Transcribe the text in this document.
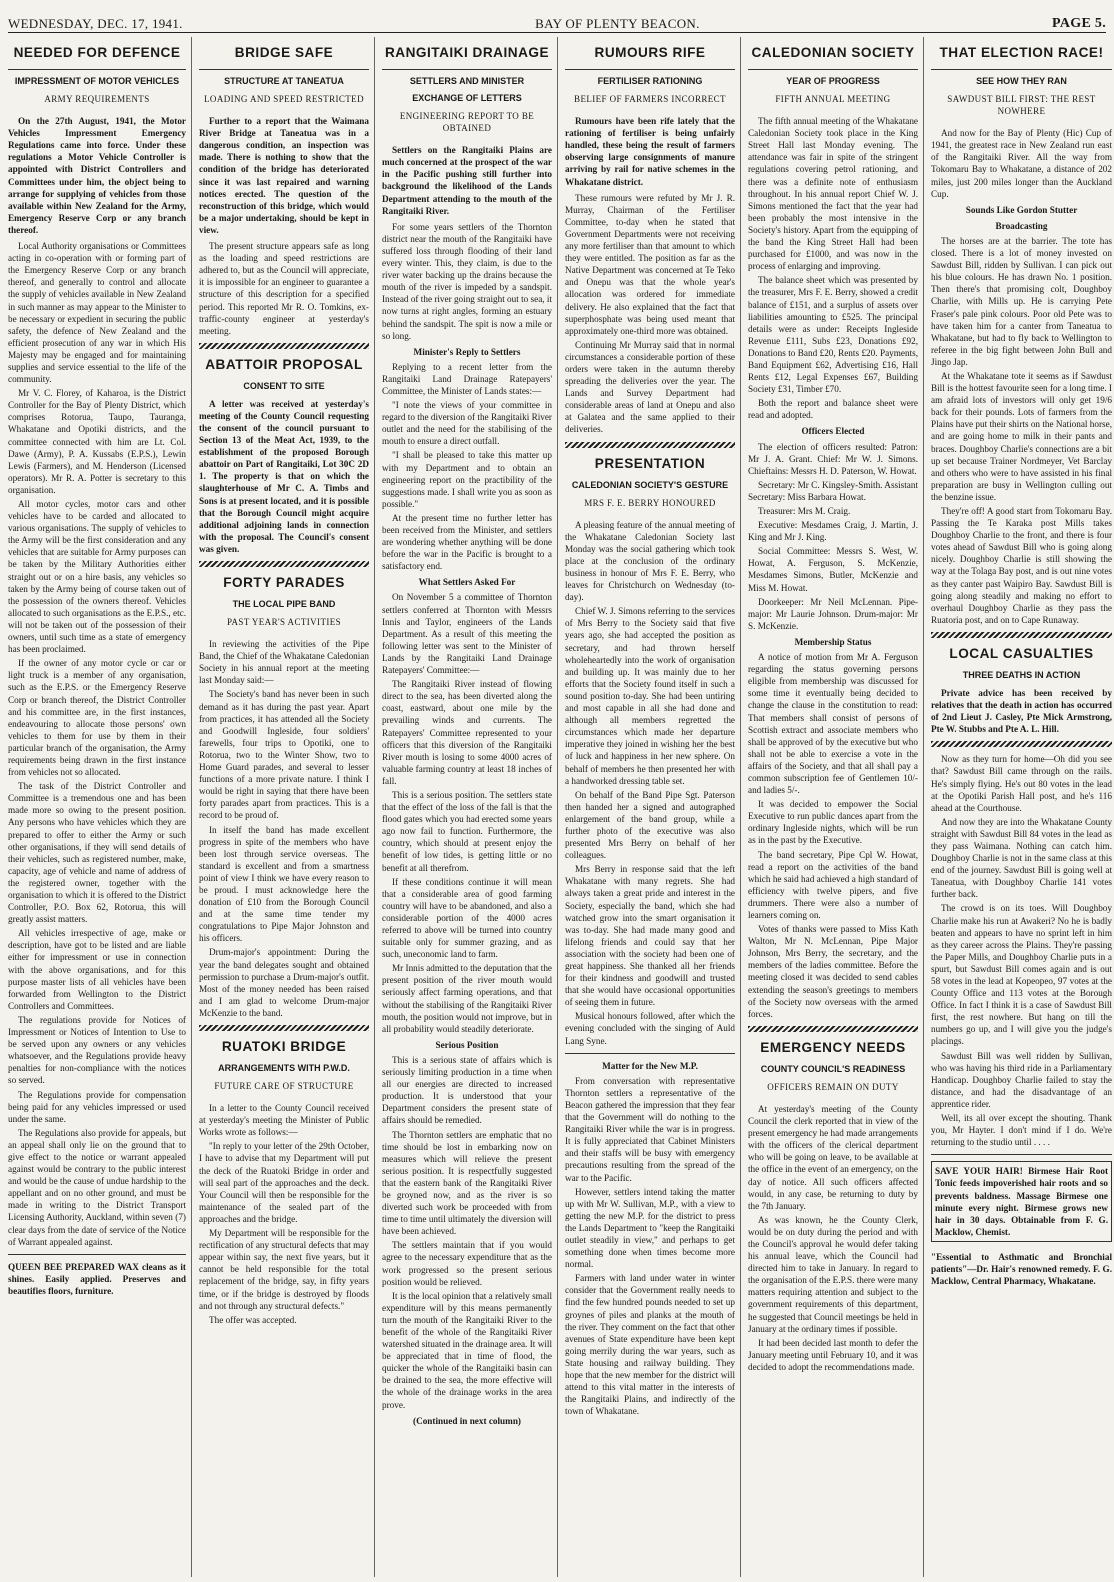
WEDNESDAY, DEC. 17, 1941.	BAY OF PLENTY BEACON.	PAGE 5.
NEEDED FOR DEFENCE
IMPRESSMENT OF MOTOR VEHICLES
ARMY REQUIREMENTS

On the 27th August, 1941, the Motor Vehicles Impressment Emergency Regulations came into force. Under these regulations a Motor Vehicle Controller is appointed with District Controllers and Committees under him, the object being to arrange for supplying of vehicles from those available within New Zealand for the Army, Emergency Reserve Corp or any branch thereof.

Local Authority organisations or Committees acting in co-operation with or forming part of the Emergency Reserve Corp or any branch thereof, and generally to control and allocate the supply of vehicles available in New Zealand in such manner as may appear to the Minister to be necessary or expedient in securing the public safety, the defence of New Zealand and the efficient prosecution of any war in which His Majesty may be engaged and for maintaining supplies and service essential to the life of the community.

Mr V. C. Florey, of Kaharoa, is the District Controller for the Bay of Plenty District, which comprises Rotorua, Taupo, Tauranga, Whakatane and Opotiki districts, and the committee connected with him are Lt. Col. Dawe (Army), P. A. Kussabs (E.P.S.), Lewin Lewis (Farmers), and M. Henderson (Licensed operators). Mr R. A. Potter is secretary to this organisation.

All motor cycles, motor cars and other vehicles have to be carded and allocated to various organisations. The supply of vehicles to the Army will be the first consideration and any vehicles that are suitable for Army purposes can be taken by the Military Authorities either straight out or on a hire basis, any vehicles so taken by the Army being of course taken out of the possession of the owners thereof. Vehicles allocated to such organisations as the E.P.S., etc. will not be taken out of the possession of their owners, until such time as a state of emergency has been proclaimed.

If the owner of any motor cycle or car or light truck is a member of any organisation, such as the E.P.S. or the Emergency Reserve Corp or branch thereof, the District Controller and his committee are, in the first instances, endeavouring to allocate those persons' own vehicles to them for use by them in their particular branch of the organisation, the Army requirements being drawn in the first instance from vehicles not so allocated.

The task of the District Controller and Committee is a tremendous one and has been made more so owing to the present position. Any persons who have vehicles which they are prepared to offer to either the Army or such other organisations, if they will send details of their vehicles, such as registered number, make, capacity, age of vehicle and name of address of the registered owner, together with the organisation to which it is offered to the District Controller, P.O. Box 62, Rotorua, this will greatly assist matters.

All vehicles irrespective of age, make or description, have got to be listed and are liable either for impressment or use in connection with the above organisations, and for this purpose master lists of all vehicles have been forwarded from Wellington to the District Controllers and Committees.

The regulations provide for Notices of Impressment or Notices of Intention to Use to be served upon any owners or any vehicles whatsoever, and the Regulations provide heavy penalties for non-compliance with the notices so served.

The Regulations provide for compensation being paid for any vehicles impressed or used under the same.

The Regulations also provide for appeals, but an appeal shall only lie on the ground that to give effect to the notice or warrant appealed against would be contrary to the public interest and would be the cause of undue hardship to the appellant and on no other ground, and must be made in writing to the District Transport Licensing Authority, Auckland, within seven (7) clear days from the date of service of the Notice of Warrant appealed against.

QUEEN BEE PREPARED WAX cleans as it shines. Easily applied. Preserves and beautifies floors, furniture.

BRIDGE SAFE
STRUCTURE AT TANEATUA
LOADING AND SPEED RESTRICTED

Further to a report that the Waimana River Bridge at Taneatua was in a dangerous condition, an inspection was made. There is nothing to show that the condition of the bridge has deteriorated since it was last repaired and warning notices erected. The question of the reconstruction of this bridge, which would be a major undertaking, should be kept in view.

The present structure appears safe as long as the loading and speed restrictions are adhered to, but as the Council will appreciate, it is impossible for an engineer to guarantee a structure of this description for a specified period. This reported Mr R. O. Tomkins, ex-traffic-county engineer at yesterday's meeting.

ABATTOIR PROPOSAL
CONSENT TO SITE

A letter was received at yesterday's meeting of the County Council requesting the consent of the council pursuant to Section 13 of the Meat Act, 1939, to the establishment of the proposed Borough abattoir on Part of Rangitaiki, Lot 30C 2D 1. The property is that on which the slaughterhouse of Mr C. A. Timbs and Sons is at present located, and it is possible that the Borough Council might acquire additional adjoining lands in connection with the proposal. The Council's consent was given.

FORTY PARADES
THE LOCAL PIPE BAND
PAST YEAR'S ACTIVITIES

In reviewing the activities of the Pipe Band, the Chief of the Whakatane Caledonian Society in his annual report at the meeting last Monday said:—

The Society's band has never been in such demand as it has during the past year. Apart from practices, it has attended all the Society and Goodwill Ingleside, four soldiers' farewells, four trips to Opotiki, one to Rotorua, two to the Winter Show, two to Home Guard parades, and several to lesser functions of a more private nature. I think I would be right in saying that there have been forty parades apart from practices. This is a record to be proud of.

In itself the band has made excellent progress in spite of the members who have been lost through service overseas. The standard is excellent and from a smartness point of view I think we have every reason to be proud. I must acknowledge here the donation of £10 from the Borough Council and at the same time tender my congratulations to Pipe Major Johnston and his officers.

Drum-major's appointment: During the year the band delegates sought and obtained permission to purchase a Drum-major's outfit. Most of the money needed has been raised and I am glad to welcome Drum-major McKenzie to the band.

RUATOKI BRIDGE
ARRANGEMENTS WITH P.W.D.
FUTURE CARE OF STRUCTURE

In a letter to the County Council received at yesterday's meeting the Minister of Public Works wrote as follows:—

"In reply to your letter of the 29th October, I have to advise that my Department will put the deck of the Ruatoki Bridge in order and will seal part of the approaches and the deck. Your Council will then be responsible for the maintenance of the sealed part of the approaches and the bridge.

My Department will be responsible for the rectification of any structural defects that may appear within say, the next five years, but it cannot be held responsible for the total replacement of the bridge, say, in fifty years time, or if the bridge is destroyed by floods and not through any structural defects."

The offer was accepted.

RANGITAIKI DRAINAGE
SETTLERS AND MINISTER
EXCHANGE OF LETTERS
ENGINEERING REPORT TO BE OBTAINED

Settlers on the Rangitaiki Plains are much concerned at the prospect of the war in the Pacific pushing still further into background the likelihood of the Lands Department attending to the mouth of the Rangitaiki River.

For some years settlers of the Thornton district near the mouth of the Rangitaiki have suffered loss through flooding of their land every winter. This, they claim, is due to the river water backing up the drains because the mouth of the river is impeded by a sandspit. Instead of the river going straight out to sea, it now turns at right angles, forming an estuary behind the sandspit. The spit is now a mile or so long.

Minister's Reply to Settlers

Replying to a recent letter from the Rangitaiki Land Drainage Ratepayers' Committee, the Minister of Lands states:—

"I note the views of your committee in regard to the diversion of the Rangitaiki River outlet and the need for the stabilising of the mouth to ensure a direct outfall.

"I shall be pleased to take this matter up with my Department and to obtain an engineering report on the practibility of the suggestions made. I shall write you as soon as possible."

At the present time no further letter has been received from the Minister, and settlers are wondering whether anything will be done before the war in the Pacific is brought to a satisfactory end.

What Settlers Asked For

On November 5 a committee of Thornton settlers conferred at Thornton with Messrs Innis and Taylor, engineers of the Lands Department. As a result of this meeting the following letter was sent to the Minister of Lands by the Rangitaiki Land Drainage Ratepayers' Committee:—

The Rangitaiki River instead of flowing direct to the sea, has been diverted along the coast, eastward, about one mile by the prevailing winds and currents. The Ratepayers' Committee represented to your officers that this diversion of the Rangitaiki River mouth is losing to some 4000 acres of valuable farming country at least 18 inches of fall.

This is a serious position. The settlers state that the effect of the loss of the fall is that the flood gates which you had erected some years ago now fail to function. Furthermore, the country, which should at present enjoy the benefit of low tides, is getting little or no benefit at all therefrom.

If these conditions continue it will mean that a considerable area of good farming country will have to be abandoned, and also a considerable portion of the 4000 acres referred to above will be turned into country suitable only for summer grazing, and as such, uneconomic land to farm.

Mr Innis admitted to the deputation that the present position of the river mouth would seriously affect farming operations, and that without the stabilising of the Rangitaiki River mouth, the position would not improve, but in all probability would steadily deteriorate.

Serious Position

This is a serious state of affairs which is seriously limiting production in a time when all our energies are directed to increased production. It is understood that your Department considers the present state of affairs should be remedied.

The Thornton settlers are emphatic that no time should be lost in embarking now on measures which will relieve the present serious position. It is respectfully suggested that the eastern bank of the Rangitaiki River be groyned now, and as the river is so diverted such work be proceeded with from time to time until ultimately the diversion will have been achieved.

The settlers maintain that if you would agree to the necessary expenditure that as the work progressed so the present serious position would be relieved.

It is the local opinion that a relatively small expenditure will by this means permanently turn the mouth of the Rangitaiki River to the benefit of the whole of the Rangitaiki River watershed situated in the drainage area. It will be appreciated that in time of flood, the quicker the whole of the Rangitaiki basin can be drained to the sea, the more effective will the whole of the drainage works in the area prove.

(Continued in next column)
RUMOURS RIFE
FERTILISER RATIONING
BELIEF OF FARMERS INCORRECT

Rumours have been rife lately that the rationing of fertiliser is being unfairly handled, these being the result of farmers observing large consignments of manure arriving by rail for native schemes in the Whakatane district.

These rumours were refuted by Mr J. R. Murray, Chairman of the Fertiliser Committee, to-day when he stated that Government Departments were not receiving any more fertiliser than that amount to which they were entitled. The position as far as the Native Department was concerned at Te Teko and Onepu was that the whole year's allocation was ordered for immediate delivery. He also explained that the fact that superphosphate was being used meant that approximately one-third more was obtained.

Continuing Mr Murray said that in normal circumstances a considerable portion of these orders were taken in the autumn thereby spreading the deliveries over the year. The Lands and Survey Department had considerable areas of land at Onepu and also at Galatea and the same applied to their deliveries.

PRESENTATION
CALEDONIAN SOCIETY'S GESTURE
MRS F. E. BERRY HONOURED

A pleasing feature of the annual meeting of the Whakatane Caledonian Society last Monday was the social gathering which took place at the conclusion of the ordinary business in honour of Mrs F. E. Berry, who leaves for Christchurch on Wednesday (to-day).

Chief W. J. Simons referring to the services of Mrs Berry to the Society said that five years ago, she had accepted the position as secretary, and had thrown herself wholeheartedly into the work of organisation and building up. It was mainly due to her efforts that the Society found itself in such a sound position to-day. She had been untiring and most capable in all she had done and although all members regretted the circumstances which made her departure imperative they joined in wishing her the best of luck and happiness in her new sphere. On behalf of members he then presented her with a handworked dressing table set.

On behalf of the Band Pipe Sgt. Paterson then handed her a signed and autographed enlargement of the band group, while a further photo of the executive was also presented Mrs Berry on behalf of her colleagues.

Mrs Berry in response said that the left Whakatane with many regrets. She had always taken a great pride and interest in the Society, especially the band, which she had watched grow into the smart organisation it was to-day. She had made many good and lifelong friends and could say that her association with the society had been one of great happiness. She thanked all her friends for their kindness and goodwill and trusted that she would have occasional opportunities of seeing them in future.

Musical honours followed, after which the evening concluded with the singing of Auld Lang Syne.

Matter for the New M.P.

From conversation with representative Thornton settlers a representative of the Beacon gathered the impression that they fear that the Government will do nothing to the Rangitaiki River while the war is in progress. It is fully appreciated that Cabinet Ministers and their staffs will be busy with emergency precautions resulting from the spread of the war to the Pacific.

However, settlers intend taking the matter up with Mr W. Sullivan, M.P., with a view to getting the new M.P. for the district to press the Lands Department to "keep the Rangitaiki outlet steadily in view," and perhaps to get something done when times become more normal.

Farmers with land under water in winter consider that the Government really needs to find the few hundred pounds needed to set up groynes of piles and planks at the mouth of the river. They comment on the fact that other avenues of State expenditure have been kept going merrily during the war years, such as State housing and railway building. They hope that the new member for the district will attend to this vital matter in the interests of the Rangitaiki Plains, and indirectly of the town of Whakatane.

CALEDONIAN SOCIETY
YEAR OF PROGRESS
FIFTH ANNUAL MEETING

The fifth annual meeting of the Whakatane Caledonian Society took place in the King Street Hall last Monday evening. The attendance was fair in spite of the stringent regulations covering petrol rationing, and there was a definite note of enthusiasm throughout. In his annual report Chief W. J. Simons mentioned the fact that the year had been probably the most intensive in the Society's history. Apart from the equipping of the band the King Street Hall had been purchased for £1000, and was now in the process of enlarging and improving.

The balance sheet which was presented by the treasurer, Mrs F. E. Berry, showed a credit balance of £151, and a surplus of assets over liabilities amounting to £525. The principal details were as under: Receipts Ingleside Revenue £111, Subs £23, Donations £92, Donations to Band £20, Rents £20. Payments, Band Equipment £62, Advertising £16, Hall Rents £12, Legal Expenses £67, Building Society £31, Timber £70.

Both the report and balance sheet were read and adopted.

Officers Elected

The election of officers resulted: Patron: Mr J. A. Grant. Chief: Mr W. J. Simons. Chieftains: Messrs H. D. Paterson, W. Howat.

Secretary: Mr C. Kingsley-Smith. Assistant Secretary: Miss Barbara Howat.

Treasurer: Mrs M. Craig.

Executive: Mesdames Craig, J. Martin, J. King and Mr J. King.

Social Committee: Messrs S. West, W. Howat, A. Ferguson, S. McKenzie, Mesdames Simons, Butler, McKenzie and Miss M. Howat.

Doorkeeper: Mr Neil McLennan. Pipe-major: Mr Laurie Johnson. Drum-major: Mr S. McKenzie.

Membership Status

A notice of motion from Mr A. Ferguson regarding the status governing persons eligible from membership was discussed for some time it eventually being decided to change the clause in the constitution to read: That members shall consist of persons of Scottish extract and associate members who shall be approved of by the executive but who shall not be able to exercise a vote in the affairs of the Society, and that all shall pay a common subscription fee of Gentlemen 10/- and ladies 5/-.

It was decided to empower the Social Executive to run public dances apart from the ordinary Ingleside nights, which will be run as in the past by the Executive.

The band secretary, Pipe Cpl W. Howat, read a report on the activities of the band which he said had achieved a high standard of efficiency with twelve pipers, and five drummers. There were also a number of learners coming on.

Votes of thanks were passed to Miss Kath Walton, Mr N. McLennan, Pipe Major Johnson, Mrs Berry, the secretary, and the members of the ladies committee. Before the meeting closed it was decided to send cables extending the season's greetings to members of the Society now overseas with the armed forces.

EMERGENCY NEEDS
COUNTY COUNCIL'S READINESS
OFFICERS REMAIN ON DUTY

At yesterday's meeting of the County Council the clerk reported that in view of the present emergency he had made arrangements with the officers of the clerical department who will be going on leave, to be available at the office in the event of an emergency, on the day of notice. All such officers affected would, in any case, be returning to duty by the 7th January.

As was known, he the County Clerk, would be on duty during the period and with the Council's approval he would defer taking his annual leave, which the Council had directed him to take in January. In regard to the organisation of the E.P.S. there were many matters requiring attention and subject to the government requirements of this department, he suggested that Council meetings be held in January at the ordinary times if possible.

It had been decided last month to defer the January meeting until February 10, and it was decided to adopt the recommendations made.

THAT ELECTION RACE!
SEE HOW THEY RAN
SAWDUST BILL FIRST: THE REST NOWHERE

And now for the Bay of Plenty (Hic) Cup of 1941, the greatest race in New Zealand run east of the Rangitaiki River. All the way from Tokomaru Bay to Whakatane, a distance of 202 miles, just 200 miles longer than the Auckland Cup.

Sounds Like Gordon Stutter
Broadcasting

The horses are at the barrier. The tote has closed. There is a lot of money invested on Sawdust Bill, ridden by Sullivan. I can pick out his blue colours. He has drawn No. 1 position. Then there's that promising colt, Doughboy Charlie, with Mills up. He is carrying Pete Fraser's pale pink colours. Poor old Pete was to have taken him for a canter from Taneatua to Whakatane, but had to fly back to Wellington to referee in the big fight between John Bull and Jingo Jap.

At the Whakatane tote it seems as if Sawdust Bill is the hottest favourite seen for a long time. I am afraid lots of investors will only get 19/6 back for their pounds. Lots of farmers from the Plains have put their shirts on the National horse, and are going home to milk in their pants and braces. Doughboy Charlie's connections are a bit up set because Trainer Nordmeyer, Vet Barclay and others who were to have assisted in his final preparation are busy in Wellington culling out the benzine issue.

They're off! A good start from Tokomaru Bay. Passing the Te Karaka post Mills takes Doughboy Charlie to the front, and there is four votes ahead of Sawdust Bill who is going along nicely. Doughboy Charlie is still showing the way at the Tolaga Bay post, and is out nine votes as they canter past Waipiro Bay. Sawdust Bill is going along steadily and making no effort to overhaul Doughboy Charlie as they pass the Ruatoria post, and on to Cape Runaway.

LOCAL CASUALTIES
THREE DEATHS IN ACTION

Private advice has been received by relatives that the death in action has occurred of 2nd Lieut J. Casley, Pte Mick Armstrong, Pte W. Stubbs and Pte A. L. Hill.

Now as they turn for home—Oh did you see that? Sawdust Bill came through on the rails. He's simply flying. He's out 80 votes in the lead at the Opotiki Parish Hall post, and he's 116 ahead at the Courthouse.

And now they are into the Whakatane County straight with Sawdust Bill 84 votes in the lead as they pass Waimana. Nothing can catch him. Doughboy Charlie is not in the same class at this end of the journey. Sawdust Bill is going well at Taneatua, with Doughboy Charlie 141 votes further back.

The crowd is on its toes. Will Doughboy Charlie make his run at Awakeri? No he is badly beaten and appears to have no sprint left in him as they career across the Plains. They're passing the Paper Mills, and Doughboy Charlie puts in a spurt, but Sawdust Bill comes again and is out 58 votes in the lead at Kopeopeo, 97 votes at the County Office and 113 votes at the Borough Office. In fact I think it is a case of Sawdust Bill first, the rest nowhere. But hang on till the numbers go up, and I will give you the judge's placings.

Sawdust Bill was well ridden by Sullivan, who was having his third ride in a Parliamentary Handicap. Doughboy Charlie failed to stay the distance, and had the disadvantage of an apprentice rider.

Well, its all over except the shouting. Thank you, Mr Hayter. I don't mind if I do. We're returning to the studio until . . . .

SAVE YOUR HAIR! Birmese Hair Root Tonic feeds impoverished hair roots and so prevents baldness. Massage Birmese one minute every night. Birmese grows new hair in 30 days. Obtainable from F. G. Macklow, Chemist.

"Essential to Asthmatic and Bronchial patients"—Dr. Hair's renowned remedy. F. G. Macklow, Central Pharmacy, Whakatane.
